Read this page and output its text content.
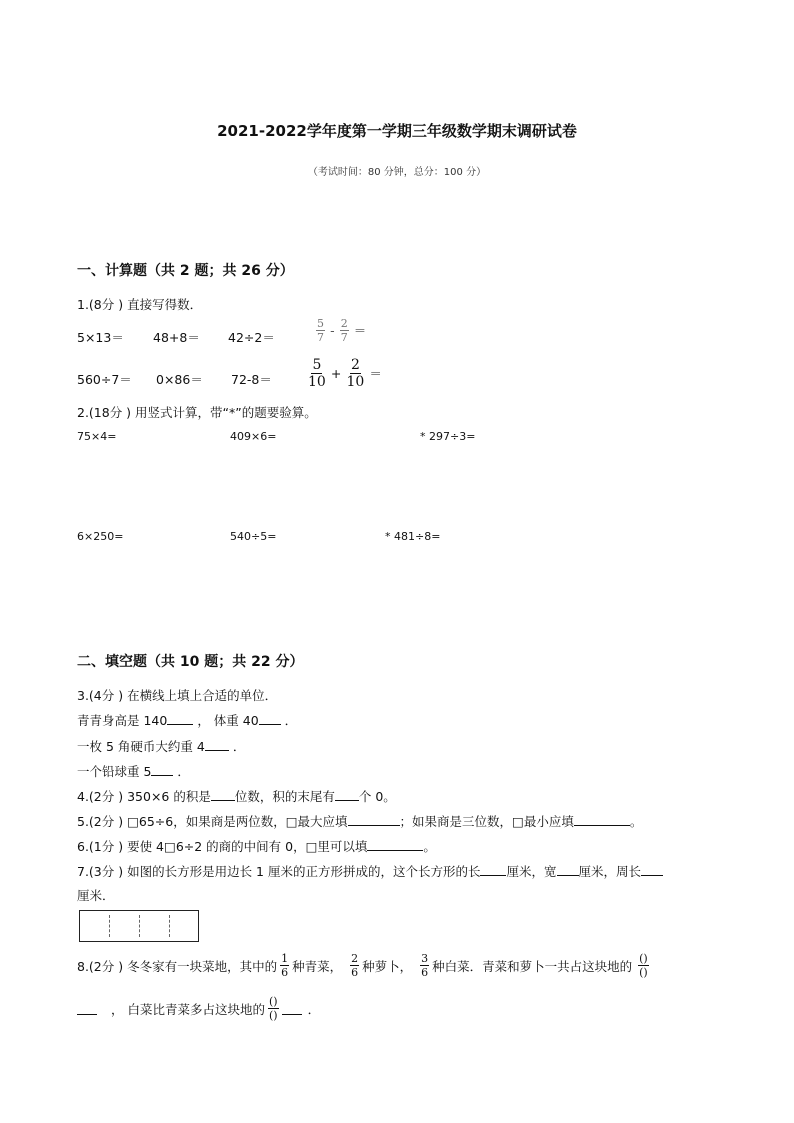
2021-2022学年度第一学期三年级数学期末调研试卷
（考试时间：80 分钟，总分：100 分）
一、计算题（共 2 题；共 26 分）
1.(8分 ) 直接写得数．
5×13＝ 48+8＝ 42÷2＝	$\frac{5}{7} - \frac{2}{7}$ ＝
560÷7＝ 0×86＝ 72-8＝	$\frac{5}{10} + \frac{2}{10}$ ＝
2.(18分 ) 用竖式计算，带“*”的题要验算。
75×4=	409×6=	* 297÷3=
6×250=	540÷5=	* 481÷8=
二、填空题（共 10 题；共 22 分）
3.(4分 ) 在横线上填上合适的单位．
青青身高是 140 ， 体重 40 ．
一枚 5 角硬币大约重 4 ．
一个铅球重 5 ．
4.(2分 ) 350×6 的积是 位数，积的末尾有 个 0。
5.(2分 ) □65÷6，如果商是两位数，□最大应填	；如果商是三位数，□最小应填	。
6.(1分 ) 要使 4□6÷2 的商的中间有 0，□里可以填	。
7.(3分 ) 如图的长方形是用边长 1 厘米的正方形拼成的，这个长方形的长 厘米，宽 厘米，周长
厘米．
8.(2分 ) 冬冬家有一块菜地，其中的 $\frac{1}{6}$ 种青菜， $\frac{2}{6}$ 种萝卜， $\frac{3}{6}$ 种白菜．青菜和萝卜一共占这块地的 $\frac{()}{()}$
， 白菜比青菜多占这块地的 $\frac{()}{()}$ ．
